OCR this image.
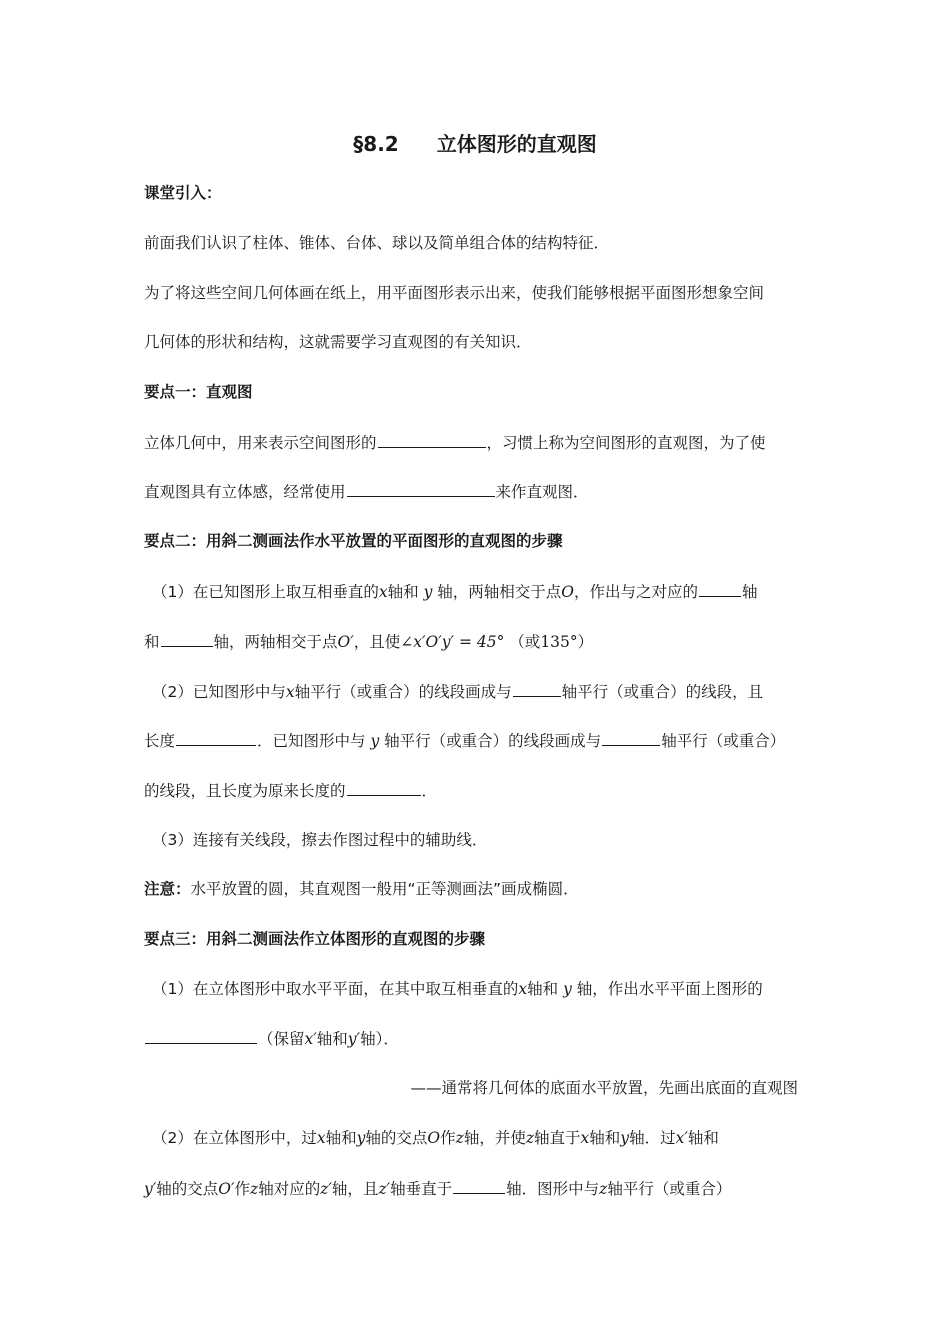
§8.2 立体图形的直观图
课堂引入：
前面我们认识了柱体、锥体、台体、球以及简单组合体的结构特征．
为了将这些空间几何体画在纸上，用平面图形表示出来，使我们能够根据平面图形想象空间
几何体的形状和结构，这就需要学习直观图的有关知识．
要点一：直观图
立体几何中，用来表示空间图形的	，习惯上称为空间图形的直观图，为了使
直观图具有立体感，经常使用	来作直观图．
要点二：用斜二测画法作水平放置的平面图形的直观图的步骤
（1）在已知图形上取互相垂直的x轴和 y 轴，两轴相交于点O，作出与之对应的	轴
和	轴，两轴相交于点O′，且使∠x′O′y′ = 45° （或135°）
（2）已知图形中与x轴平行（或重合）的线段画成与	轴平行（或重合）的线段，且
长度	．已知图形中与 y 轴平行（或重合）的线段画成与	轴平行（或重合）
的线段，且长度为原来长度的	．
（3）连接有关线段，擦去作图过程中的辅助线．
注意：水平放置的圆，其直观图一般用“正等测画法”画成椭圆．
要点三：用斜二测画法作立体图形的直观图的步骤
（1）在立体图形中取水平平面，在其中取互相垂直的x轴和 y 轴，作出水平平面上图形的
（保留x′轴和y′轴）．
——通常将几何体的底面水平放置，先画出底面的直观图
（2）在立体图形中，过x轴和y轴的交点O作z轴，并使z轴直于x轴和y轴．过x′轴和
y′轴的交点O′作z轴对应的z′轴，且z′轴垂直于	轴．图形中与z轴平行（或重合）
